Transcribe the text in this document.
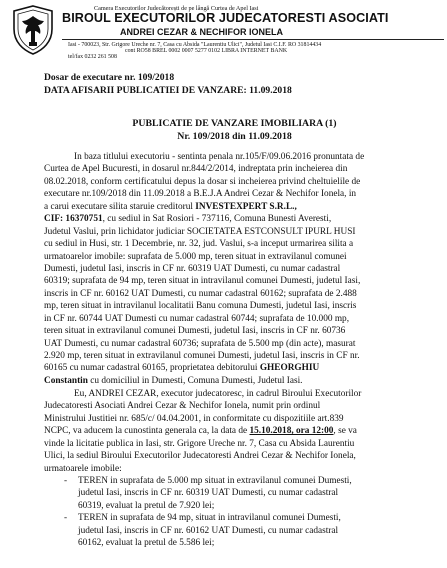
Camera Executorilor Judecătorești de pe lângă Curtea de Apel Iasi
BIROUL EXECUTORILOR JUDECATORESTI ASOCIATI
ANDREI CEZAR & NECHIFOR IONELA
Iasi - 700023, Str. Grigore Ureche nr. 7, Casa cu Absida "Laurentiu Ulici", Judetul Iasi C.I.F. RO 31814434
cont RO58 BREL 0002 0007 5277 0102 LIBRA INTERNET BANK
tel/fax 0232 261 508
Dosar de executare nr. 109/2018
DATA AFISARII PUBLICATIEI DE VANZARE: 11.09.2018
PUBLICATIE DE VANZARE IMOBILIARA (1)
Nr. 109/2018 din 11.09.2018
In baza titlului executoriu - sentinta penala nr.105/F/09.06.2016 pronuntata de
Curtea de Apel Bucuresti, in dosarul nr.844/2/2014, indreptata prin incheierea din
08.02.2018, conform certificatului depus la dosar si incheierea privind cheltuielile de
executare nr.109/2018 din 11.09.2018 a B.E.J.A Andrei Cezar & Nechifor Ionela, in
a carui executare silita staruie creditorul INVESTEXPERT S.R.L.,
CIF: 16370751, cu sediul in Sat Rosiori - 737116, Comuna Bunesti Averesti,
Judetul Vaslui, prin lichidator judiciar SOCIETATEA ESTCONSULT IPURL HUSI
cu sediul in Husi, str. 1 Decembrie, nr. 32, jud. Vaslui, s-a inceput urmarirea silita a
urmatoarelor imobile: suprafata de 5.000 mp, teren situat in extravilanul comunei
Dumesti, judetul Iasi, inscris in CF nr. 60319 UAT Dumesti, cu numar cadastral
60319; suprafata de 94 mp, teren situat in intravilanul comunei Dumesti, judetul Iasi,
inscris in CF nr. 60162 UAT Dumesti, cu numar cadastral 60162; suprafata de 2.488
mp, teren situat in intravilanul localitatii Banu comuna Dumesti, judetul Iasi, inscris
in CF nr. 60744 UAT Dumesti cu numar cadastral 60744; suprafata de 10.000 mp,
teren situat in extravilanul comunei Dumesti, judetul Iasi, inscris in CF nr. 60736
UAT Dumesti, cu numar cadastral 60736; suprafata de 5.500 mp (din acte), masurat
2.920 mp, teren situat in extravilanul comunei Dumesti, judetul Iasi, inscris in CF nr.
60165 cu numar cadastral 60165, proprietatea debitorului GHEORGHIU
Constantin cu domiciliul in Dumesti, Comuna Dumesti, Judetul Iasi.
Eu, ANDREI CEZAR, executor judecatoresc, in cadrul Biroului Executorilor
Judecatoresti Asociati Andrei Cezar & Nechifor Ionela, numit prin ordinul
Ministrului Justitiei nr. 685/c/ 04.04.2001, in conformitate cu dispozitiile art.839
NCPC, va aducem la cunostinta generala ca, la data de 15.10.2018, ora 12:00, se va
vinde la licitatie publica in Iasi, str. Grigore Ureche nr. 7, Casa cu Absida Laurentiu
Ulici, la sediul Biroului Executorilor Judecatoresti Andrei Cezar & Nechifor Ionela,
urmatoarele imobile:
- TEREN in suprafata de 5.000 mp situat in extravilanul comunei Dumesti,
judetul Iasi, inscris in CF nr. 60319 UAT Dumesti, cu numar cadastral
60319, evaluat la pretul de 7.920 lei;
- TEREN in suprafata de 94 mp, situat in intravilanul comunei Dumesti,
judetul Iasi, inscris in CF nr. 60162 UAT Dumesti, cu numar cadastral
60162, evaluat la pretul de 5.586 lei;
